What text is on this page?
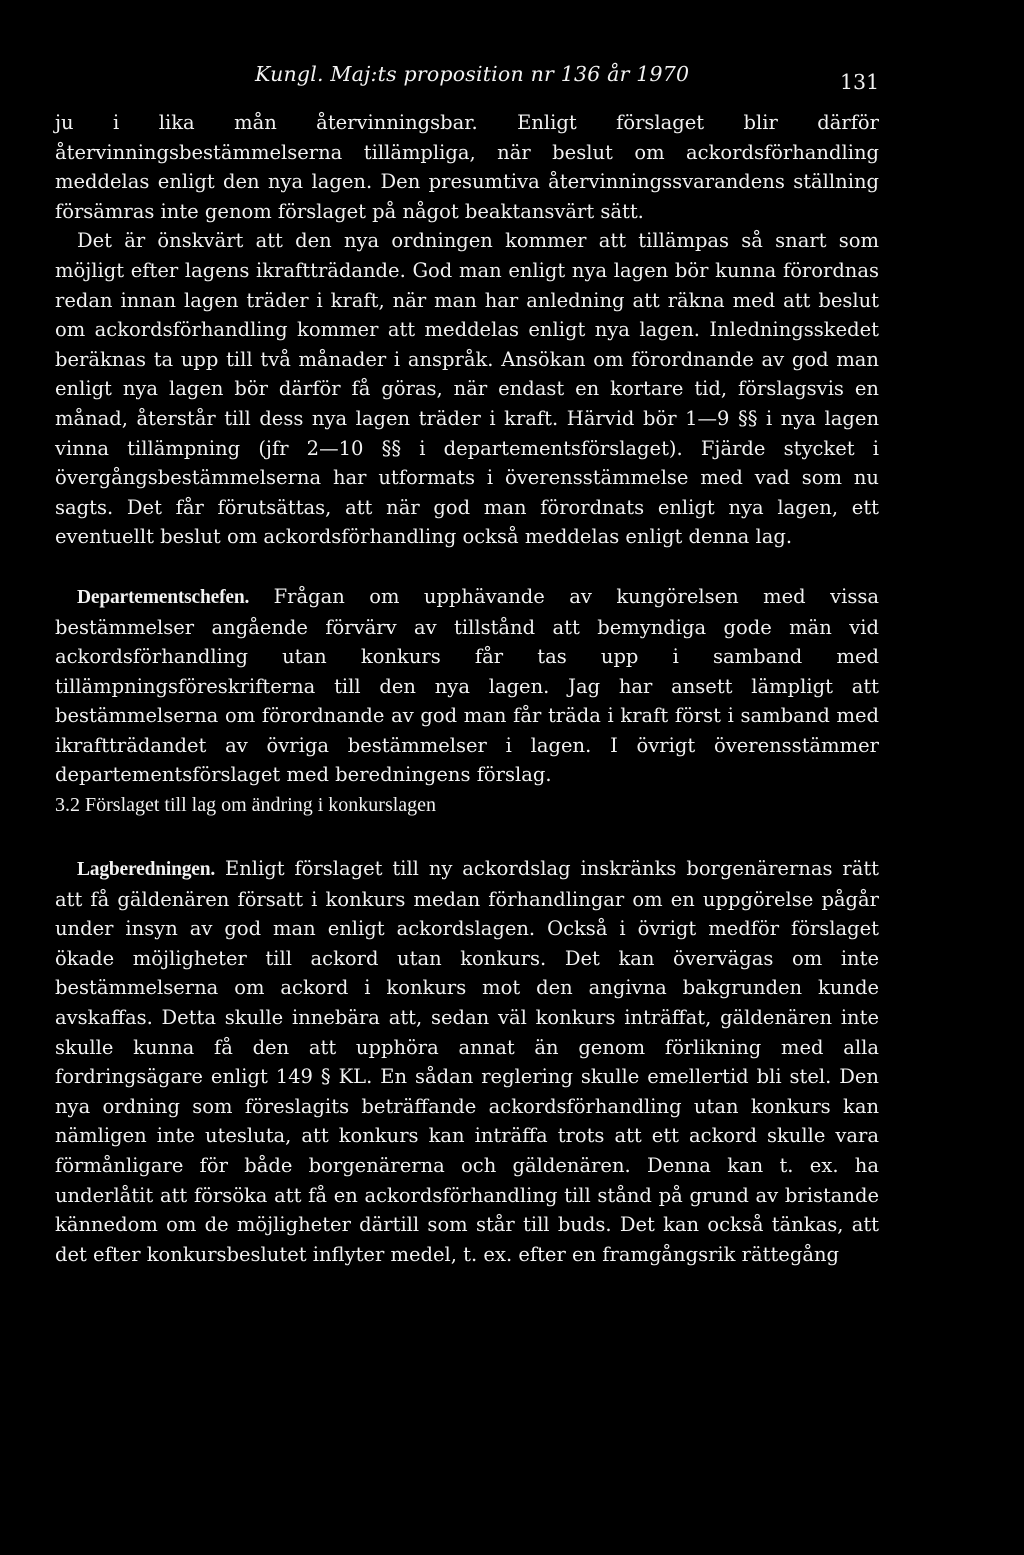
Kungl. Maj:ts proposition nr 136 år 1970	131

ju i lika mån återvinningsbar. Enligt förslaget blir därför återvinningsbestämmelserna tillämpliga, när beslut om ackordsförhandling meddelas enligt den nya lagen. Den presumtiva återvinningssvarandens ställning försämras inte genom förslaget på något beaktansvärt sätt.

Det är önskvärt att den nya ordningen kommer att tillämpas så snart som möjligt efter lagens ikraftträdande. God man enligt nya lagen bör kunna förordnas redan innan lagen träder i kraft, när man har anledning att räkna med att beslut om ackordsförhandling kommer att meddelas enligt nya lagen. Inledningsskedet beräknas ta upp till två månader i anspråk. Ansökan om förordnande av god man enligt nya lagen bör därför få göras, när endast en kortare tid, förslagsvis en månad, återstår till dess nya lagen träder i kraft. Härvid bör 1—9 §§ i nya lagen vinna tillämpning (jfr 2—10 §§ i departementsförslaget). Fjärde stycket i övergångsbestämmelserna har utformats i överensstämmelse med vad som nu sagts. Det får förutsättas, att när god man förordnats enligt nya lagen, ett eventuellt beslut om ackordsförhandling också meddelas enligt denna lag.

Departementschefen. Frågan om upphävande av kungörelsen med vissa bestämmelser angående förvärv av tillstånd att bemyndiga gode män vid ackordsförhandling utan konkurs får tas upp i samband med tillämpningsföreskrifterna till den nya lagen. Jag har ansett lämpligt att bestämmelserna om förordnande av god man får träda i kraft först i samband med ikraftträdandet av övriga bestämmelser i lagen. I övrigt överensstämmer departementsförslaget med beredningens förslag.

3.2 Förslaget till lag om ändring i konkurslagen

Lagberedningen. Enligt förslaget till ny ackordslag inskränks borgenärernas rätt att få gäldenären försatt i konkurs medan förhandlingar om en uppgörelse pågår under insyn av god man enligt ackordslagen. Också i övrigt medför förslaget ökade möjligheter till ackord utan konkurs. Det kan övervägas om inte bestämmelserna om ackord i konkurs mot den angivna bakgrunden kunde avskaffas. Detta skulle innebära att, sedan väl konkurs inträffat, gäldenären inte skulle kunna få den att upphöra annat än genom förlikning med alla fordringsägare enligt 149 § KL. En sådan reglering skulle emellertid bli stel. Den nya ordning som föreslagits beträffande ackordsförhandling utan konkurs kan nämligen inte utesluta, att konkurs kan inträffa trots att ett ackord skulle vara förmånligare för både borgenärerna och gäldenären. Denna kan t. ex. ha underlåtit att försöka att få en ackordsförhandling till stånd på grund av bristande kännedom om de möjligheter därtill som står till buds. Det kan också tänkas, att det efter konkursbeslutet inflyter medel, t. ex. efter en framgångsrik rättegång
